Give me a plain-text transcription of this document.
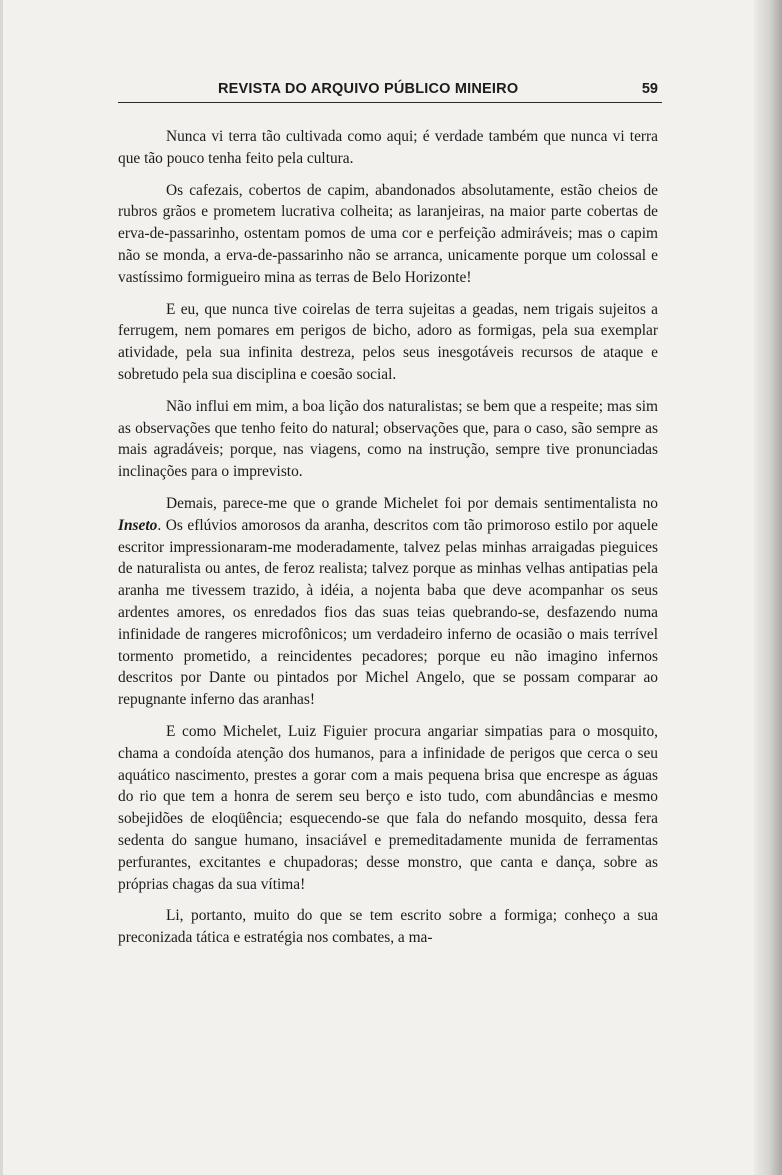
REVISTA DO ARQUIVO PÚBLICO MINEIRO	59

Nunca vi terra tão cultivada como aqui; é verdade também que nunca vi terra que tão pouco tenha feito pela cultura.

Os cafezais, cobertos de capim, abandonados absolutamente, estão cheios de rubros grãos e prometem lucrativa colheita; as laranjeiras, na maior parte cobertas de erva-de-passarinho, ostentam pomos de uma cor e perfeição admiráveis; mas o capim não se monda, a erva-de-passarinho não se arranca, unicamente porque um colossal e vastíssimo formigueiro mina as terras de Belo Horizonte!

E eu, que nunca tive coirelas de terra sujeitas a geadas, nem trigais sujeitos a ferrugem, nem pomares em perigos de bicho, adoro as formigas, pela sua exemplar atividade, pela sua infinita destreza, pelos seus inesgotáveis recursos de ataque e sobretudo pela sua disciplina e coesão social.

Não influi em mim, a boa lição dos naturalistas; se bem que a respeite; mas sim as observações que tenho feito do natural; observações que, para o caso, são sempre as mais agradáveis; porque, nas viagens, como na instrução, sempre tive pronunciadas inclinações para o imprevisto.

Demais, parece-me que o grande Michelet foi por demais sentimentalista no Inseto. Os eflúvios amorosos da aranha, descritos com tão primoroso estilo por aquele escritor impressionaram-me moderadamente, talvez pelas minhas arraigadas pieguices de naturalista ou antes, de feroz realista; talvez porque as minhas velhas antipatias pela aranha me tivessem trazido, à idéia, a nojenta baba que deve acompanhar os seus ardentes amores, os enredados fios das suas teias quebrando-se, desfazendo numa infinidade de rangeres microfônicos; um verdadeiro inferno de ocasião o mais terrível tormento prometido, a reincidentes pecadores; porque eu não imagino infernos descritos por Dante ou pintados por Michel Angelo, que se possam comparar ao repugnante inferno das aranhas!

E como Michelet, Luiz Figuier procura angariar simpatias para o mosquito, chama a condoída atenção dos humanos, para a infinidade de perigos que cerca o seu aquático nascimento, prestes a gorar com a mais pequena brisa que encrespe as águas do rio que tem a honra de serem seu berço e isto tudo, com abundâncias e mesmo sobejidões de eloqüência; esquecendo-se que fala do nefando mosquito, dessa fera sedenta do sangue humano, insaciável e premeditadamente munida de ferramentas perfurantes, excitantes e chupadoras; desse monstro, que canta e dança, sobre as próprias chagas da sua vítima!

Li, portanto, muito do que se tem escrito sobre a formiga; conheço a sua preconizada tática e estratégia nos combates, a ma-
